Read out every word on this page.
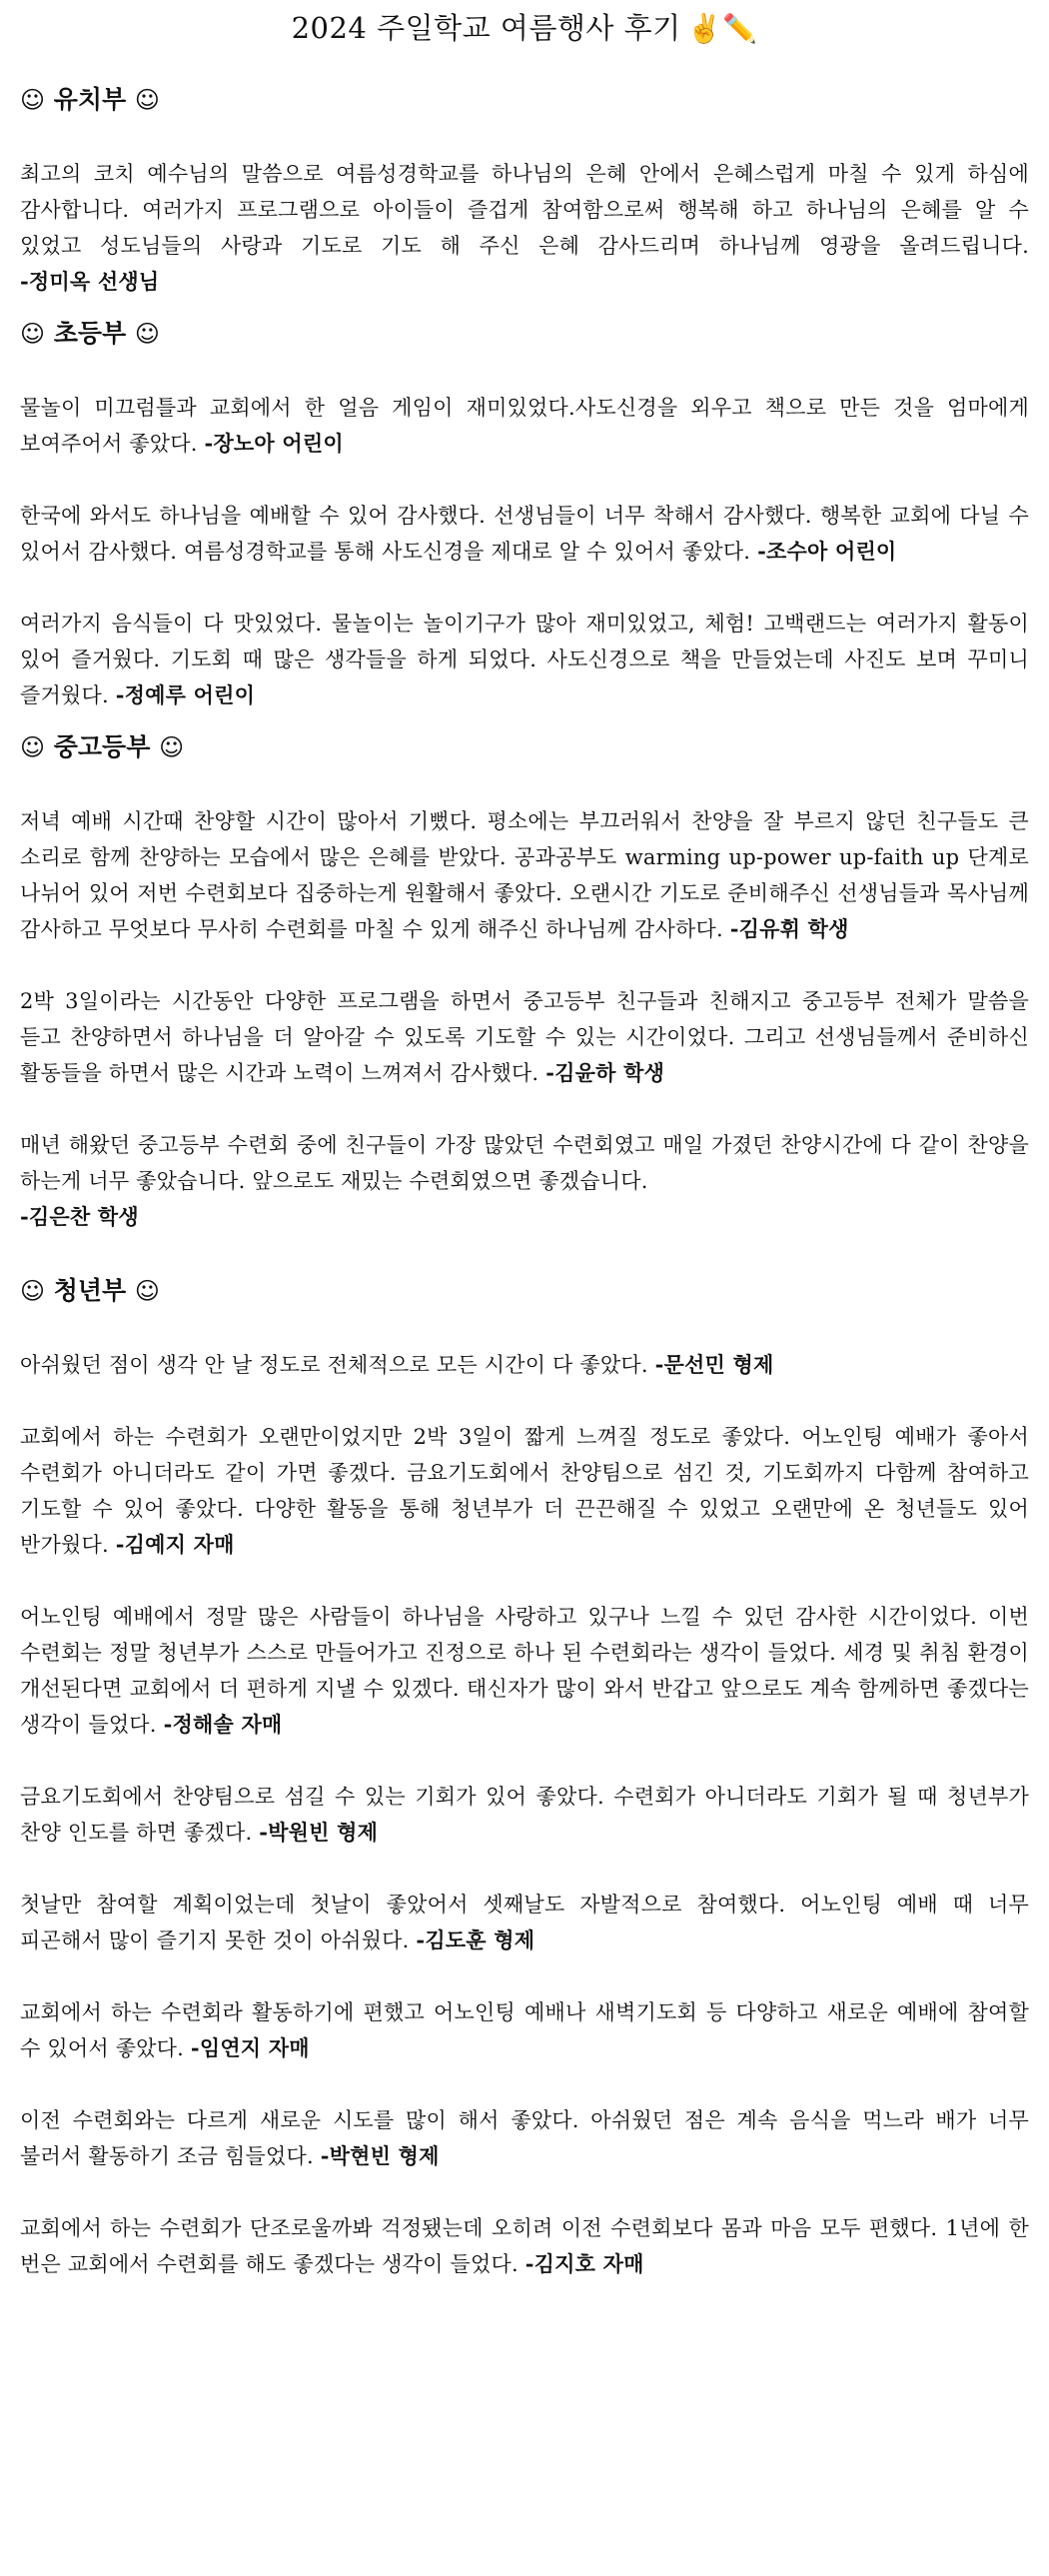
2024 주일학교 여름행사 후기 ✌️✏️
☺ 유치부 ☺

최고의 코치 예수님의 말씀으로 여름성경학교를 하나님의 은혜 안에서 은혜스럽게 마칠 수 있게 하심에 감사합니다. 여러가지 프로그램으로 아이들이 즐겁게 참여함으로써 행복해 하고 하나님의 은혜를 알 수 있었고 성도님들의 사랑과 기도로 기도 해 주신 은혜 감사드리며 하나님께 영광을 올려드립니다. -정미옥 선생님

☺ 초등부 ☺

물놀이 미끄럼틀과 교회에서 한 얼음 게임이 재미있었다.사도신경을 외우고 책으로 만든 것을 엄마에게 보여주어서 좋았다. -장노아 어린이

한국에 와서도 하나님을 예배할 수 있어 감사했다. 선생님들이 너무 착해서 감사했다. 행복한 교회에 다닐 수 있어서 감사했다. 여름성경학교를 통해 사도신경을 제대로 알 수 있어서 좋았다. -조수아 어린이

여러가지 음식들이 다 맛있었다. 물놀이는 놀이기구가 많아 재미있었고, 체험! 고백랜드는 여러가지 활동이 있어 즐거웠다. 기도회 때 많은 생각들을 하게 되었다. 사도신경으로 책을 만들었는데 사진도 보며 꾸미니 즐거웠다. -정예루 어린이

☺ 중고등부 ☺

저녁 예배 시간때 찬양할 시간이 많아서 기뻤다. 평소에는 부끄러워서 찬양을 잘 부르지 않던 친구들도 큰 소리로 함께 찬양하는 모습에서 많은 은혜를 받았다. 공과공부도 warming up-power up-faith up 단계로 나뉘어 있어 저번 수련회보다 집중하는게 원활해서 좋았다. 오랜시간 기도로 준비해주신 선생님들과 목사님께 감사하고 무엇보다 무사히 수련회를 마칠 수 있게 해주신 하나님께 감사하다. -김유휘 학생

2박 3일이라는 시간동안 다양한 프로그램을 하면서 중고등부 친구들과 친해지고 중고등부 전체가 말씀을 듣고 찬양하면서 하나님을 더 알아갈 수 있도록 기도할 수 있는 시간이었다. 그리고 선생님들께서 준비하신 활동들을 하면서 많은 시간과 노력이 느껴져서 감사했다. -김윤하 학생

매년 해왔던 중고등부 수련회 중에 친구들이 가장 많았던 수련회였고 매일 가졌던 찬양시간에 다 같이 찬양을 하는게 너무 좋았습니다. 앞으로도 재밌는 수련회였으면 좋겠습니다.
-김은찬 학생

☺ 청년부 ☺

아쉬웠던 점이 생각 안 날 정도로 전체적으로 모든 시간이 다 좋았다. -문선민 형제

교회에서 하는 수련회가 오랜만이었지만 2박 3일이 짧게 느껴질 정도로 좋았다. 어노인팅 예배가 좋아서 수련회가 아니더라도 같이 가면 좋겠다. 금요기도회에서 찬양팀으로 섬긴 것, 기도회까지 다함께 참여하고 기도할 수 있어 좋았다. 다양한 활동을 통해 청년부가 더 끈끈해질 수 있었고 오랜만에 온 청년들도 있어 반가웠다. -김예지 자매

어노인팅 예배에서 정말 많은 사람들이 하나님을 사랑하고 있구나 느낄 수 있던 감사한 시간이었다. 이번 수련회는 정말 청년부가 스스로 만들어가고 진정으로 하나 된 수련회라는 생각이 들었다. 세경 및 취침 환경이 개선된다면 교회에서 더 편하게 지낼 수 있겠다. 태신자가 많이 와서 반갑고 앞으로도 계속 함께하면 좋겠다는 생각이 들었다. -정해솔 자매

금요기도회에서 찬양팀으로 섬길 수 있는 기회가 있어 좋았다. 수련회가 아니더라도 기회가 될 때 청년부가 찬양 인도를 하면 좋겠다. -박원빈 형제

첫날만 참여할 계획이었는데 첫날이 좋았어서 셋째날도 자발적으로 참여했다. 어노인팅 예배 때 너무 피곤해서 많이 즐기지 못한 것이 아쉬웠다. -김도훈 형제

교회에서 하는 수련회라 활동하기에 편했고 어노인팅 예배나 새벽기도회 등 다양하고 새로운 예배에 참여할 수 있어서 좋았다. -임연지 자매

이전 수련회와는 다르게 새로운 시도를 많이 해서 좋았다. 아쉬웠던 점은 계속 음식을 먹느라 배가 너무 불러서 활동하기 조금 힘들었다. -박현빈 형제

교회에서 하는 수련회가 단조로울까봐 걱정됐는데 오히려 이전 수련회보다 몸과 마음 모두 편했다. 1년에 한 번은 교회에서 수련회를 해도 좋겠다는 생각이 들었다. -김지호 자매
